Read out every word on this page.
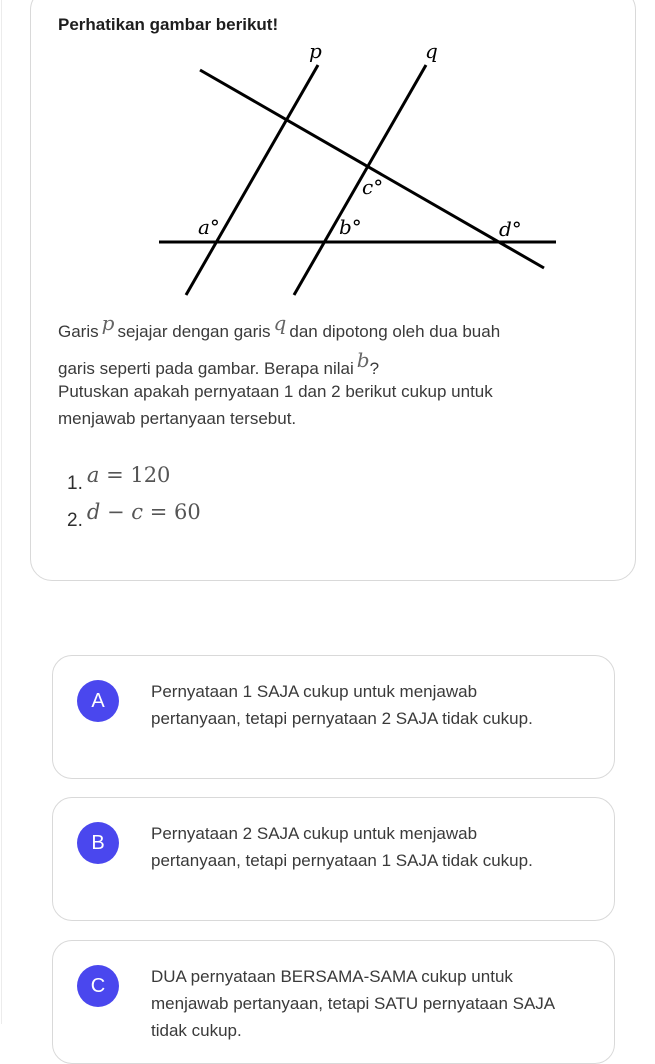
Perhatikan gambar berikut!
p	q
a°	b°
c°
d°
Garis p sejajar dengan garis q dan dipotong oleh dua buah
garis seperti pada gambar. Berapa nilai b?
Putuskan apakah pernyataan 1 dan 2 berikut cukup untuk
menjawab pertanyaan tersebut.
1. a = 120
2. d − c = 60
A	Pernyataan 1 SAJA cukup untuk menjawab pertanyaan, tetapi pernyataan 2 SAJA tidak cukup.
B	Pernyataan 2 SAJA cukup untuk menjawab pertanyaan, tetapi pernyataan 1 SAJA tidak cukup.
C	DUA pernyataan BERSAMA-SAMA cukup untuk menjawab pertanyaan, tetapi SATU pernyataan SAJA tidak cukup.
